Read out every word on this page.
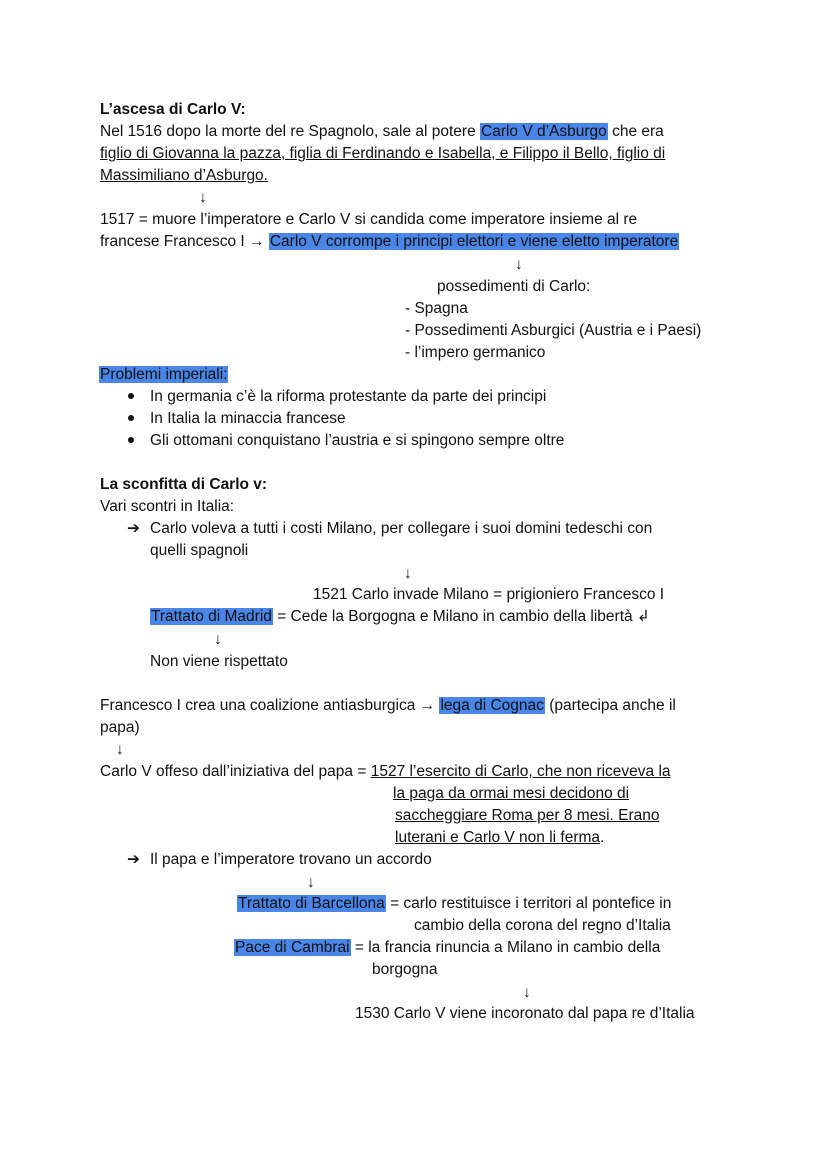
L’ascesa di Carlo V:
Nel 1516 dopo la morte del re Spagnolo, sale al potere Carlo V d’Asburgo che era
figlio di Giovanna la pazza, figlia di Ferdinando e Isabella, e Filippo il Bello, figlio di
Massimiliano d’Asburgo.
↓
1517 = muore l’imperatore e Carlo V si candida come imperatore insieme al re
francese Francesco I → Carlo V corrompe i principi elettori e viene eletto imperatore
↓
possedimenti di Carlo:
- Spagna
- Possedimenti Asburgici (Austria e i Paesi)
- l’impero germanico
Problemi imperiali:
In germania c’è la riforma protestante da parte dei principi
In Italia la minaccia francese
Gli ottomani conquistano l’austria e si spingono sempre oltre
La sconfitta di Carlo v:
Vari scontri in Italia:
➔ Carlo voleva a tutti i costi Milano, per collegare i suoi domini tedeschi con
quelli spagnoli
↓
1521 Carlo invade Milano = prigioniero Francesco I
Trattato di Madrid = Cede la Borgogna e Milano in cambio della libertà ↲
↓
Non viene rispettato
Francesco I crea una coalizione antiasburgica → lega di Cognac (partecipa anche il
papa)
↓
Carlo V offeso dall’iniziativa del papa = 1527 l’esercito di Carlo, che non riceveva la
la paga da ormai mesi decidono di
saccheggiare Roma per 8 mesi. Erano
luterani e Carlo V non li ferma.
➔ Il papa e l’imperatore trovano un accordo
↓
Trattato di Barcellona = carlo restituisce i territori al pontefice in
cambio della corona del regno d’Italia
Pace di Cambrai = la francia rinuncia a Milano in cambio della
borgogna
↓
1530 Carlo V viene incoronato dal papa re d’Italia
